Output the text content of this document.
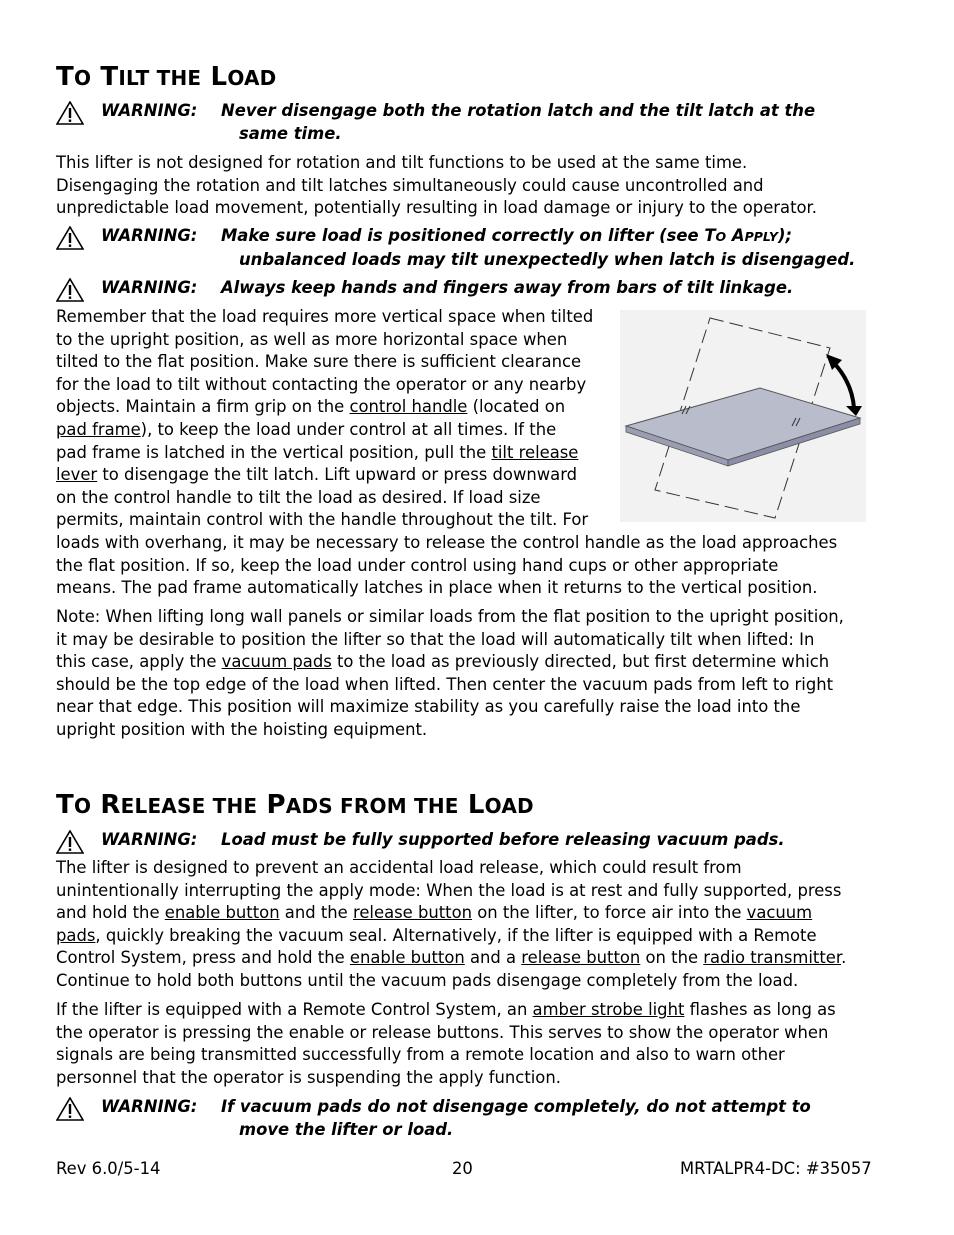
TO TILT THE LOAD
WARNING: Never disengage both the rotation latch and the tilt latch at the
same time.
This lifter is not designed for rotation and tilt functions to be used at the same time.
Disengaging the rotation and tilt latches simultaneously could cause uncontrolled and
unpredictable load movement, potentially resulting in load damage or injury to the operator.
WARNING: Make sure load is positioned correctly on lifter (see TO APPLY);
unbalanced loads may tilt unexpectedly when latch is disengaged.
WARNING: Always keep hands and fingers away from bars of tilt linkage.
Remember that the load requires more vertical space when tilted
to the upright position, as well as more horizontal space when
tilted to the flat position. Make sure there is sufficient clearance
for the load to tilt without contacting the operator or any nearby
objects. Maintain a firm grip on the control handle (located on
pad frame), to keep the load under control at all times. If the
pad frame is latched in the vertical position, pull the tilt release
lever to disengage the tilt latch. Lift upward or press downward
on the control handle to tilt the load as desired. If load size
permits, maintain control with the handle throughout the tilt. For
loads with overhang, it may be necessary to release the control handle as the load approaches
the flat position. If so, keep the load under control using hand cups or other appropriate
means. The pad frame automatically latches in place when it returns to the vertical position.
Note: When lifting long wall panels or similar loads from the flat position to the upright position,
it may be desirable to position the lifter so that the load will automatically tilt when lifted: In
this case, apply the vacuum pads to the load as previously directed, but first determine which
should be the top edge of the load when lifted. Then center the vacuum pads from left to right
near that edge. This position will maximize stability as you carefully raise the load into the
upright position with the hoisting equipment.
TO RELEASE THE PADS FROM THE LOAD
WARNING: Load must be fully supported before releasing vacuum pads.
The lifter is designed to prevent an accidental load release, which could result from
unintentionally interrupting the apply mode: When the load is at rest and fully supported, press
and hold the enable button and the release button on the lifter, to force air into the vacuum
pads, quickly breaking the vacuum seal. Alternatively, if the lifter is equipped with a Remote
Control System, press and hold the enable button and a release button on the radio transmitter.
Continue to hold both buttons until the vacuum pads disengage completely from the load.
If the lifter is equipped with a Remote Control System, an amber strobe light flashes as long as
the operator is pressing the enable or release buttons. This serves to show the operator when
signals are being transmitted successfully from a remote location and also to warn other
personnel that the operator is suspending the apply function.
WARNING: If vacuum pads do not disengage completely, do not attempt to
move the lifter or load.
Rev 6.0/5-14	20	MRTALPR4-DC: #35057
